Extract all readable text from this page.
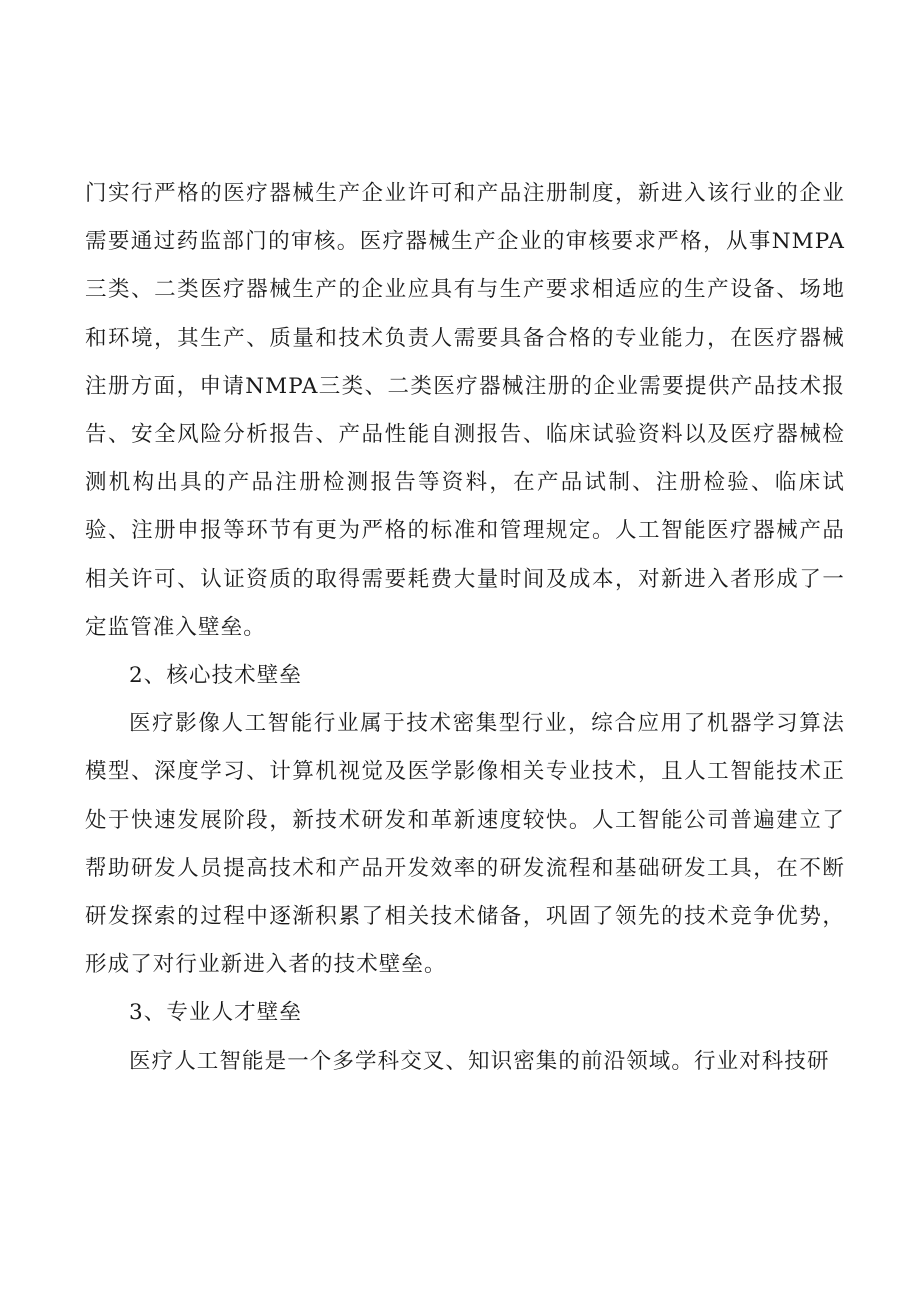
门实行严格的医疗器械生产企业许可和产品注册制度，新进入该行业的企业需要通过药监部门的审核。医疗器械生产企业的审核要求严格，从事NMPA三类、二类医疗器械生产的企业应具有与生产要求相适应的生产设备、场地和环境，其生产、质量和技术负责人需要具备合格的专业能力，在医疗器械注册方面，申请NMPA三类、二类医疗器械注册的企业需要提供产品技术报告、安全风险分析报告、产品性能自测报告、临床试验资料以及医疗器械检测机构出具的产品注册检测报告等资料，在产品试制、注册检验、临床试验、注册申报等环节有更为严格的标准和管理规定。人工智能医疗器械产品相关许可、认证资质的取得需要耗费大量时间及成本，对新进入者形成了一定监管准入壁垒。

2、核心技术壁垒

医疗影像人工智能行业属于技术密集型行业，综合应用了机器学习算法模型、深度学习、计算机视觉及医学影像相关专业技术，且人工智能技术正处于快速发展阶段，新技术研发和革新速度较快。人工智能公司普遍建立了帮助研发人员提高技术和产品开发效率的研发流程和基础研发工具，在不断研发探索的过程中逐渐积累了相关技术储备，巩固了领先的技术竞争优势，形成了对行业新进入者的技术壁垒。

3、专业人才壁垒

医疗人工智能是一个多学科交叉、知识密集的前沿领域。行业对科技研
